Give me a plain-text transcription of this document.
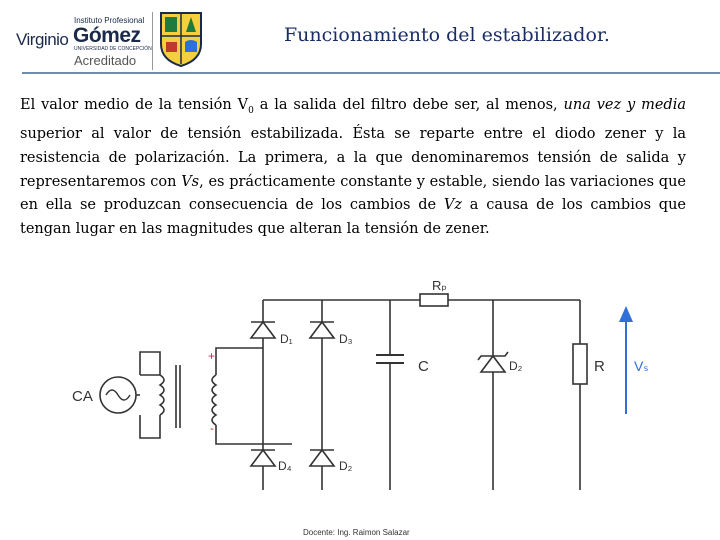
Virginio
Instituto Profesional
Gómez
UNIVERSIDAD DE CONCEPCIÓN
Acreditado
Funcionamiento del estabilizador.
El valor medio de la tensión $V_0$ a la salida del filtro debe ser, al menos, una vez y media superior al valor de tensión estabilizada. Ésta se reparte entre el diodo zener y la resistencia de polarización. La primera, a la que denominaremos tensión de salida y representaremos con Vs, es prácticamente constante y estable, siendo las variaciones que en ella se produzcan consecuencia de los cambios de Vz a causa de los cambios que tengan lugar en las magnitudes que alteran la tensión de zener.
CA
+
-
D₁	D₃
D₄	D₂
C	D₂
Rₚ
R Vₛ
Docente: Ing. Raimon Salazar
